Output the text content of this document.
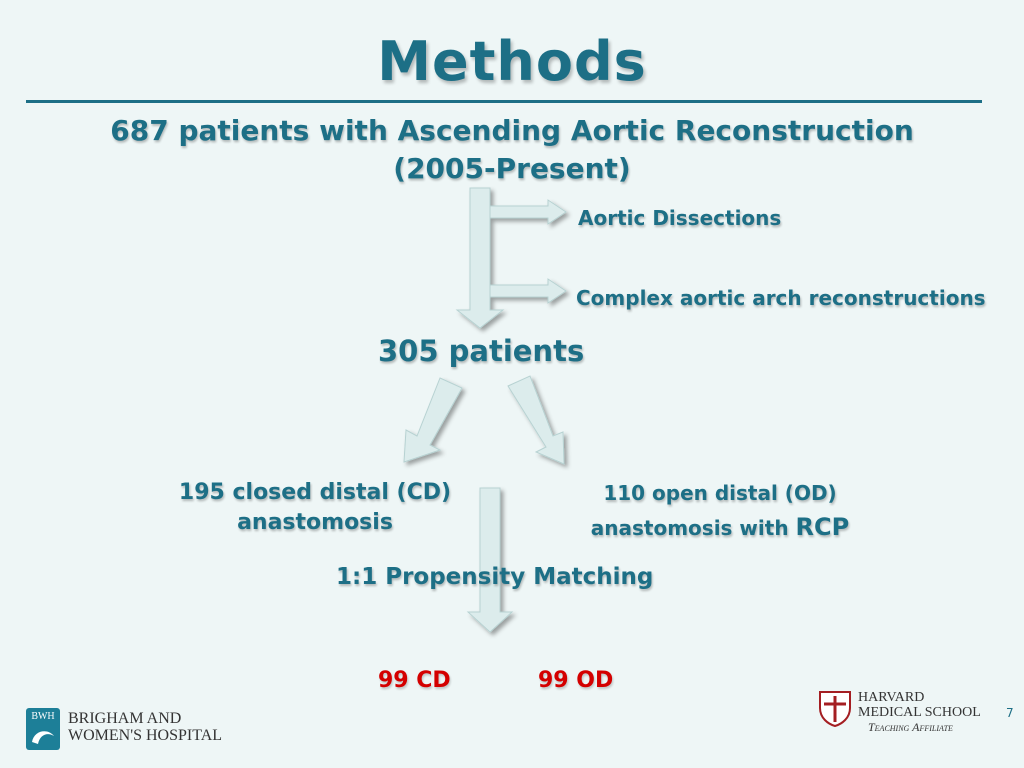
Methods
687 patients with Ascending Aortic Reconstruction
(2005-Present)
Aortic Dissections
Complex aortic arch reconstructions
305 patients
195 closed distal (CD)
anastomosis
110 open distal (OD)
anastomosis with RCP
1:1 Propensity Matching
99 CD	99 OD
BWH BRIGHAM AND
WOMEN'S HOSPITAL
HARVARD
MEDICAL SCHOOL
Teaching Affiliate
7
